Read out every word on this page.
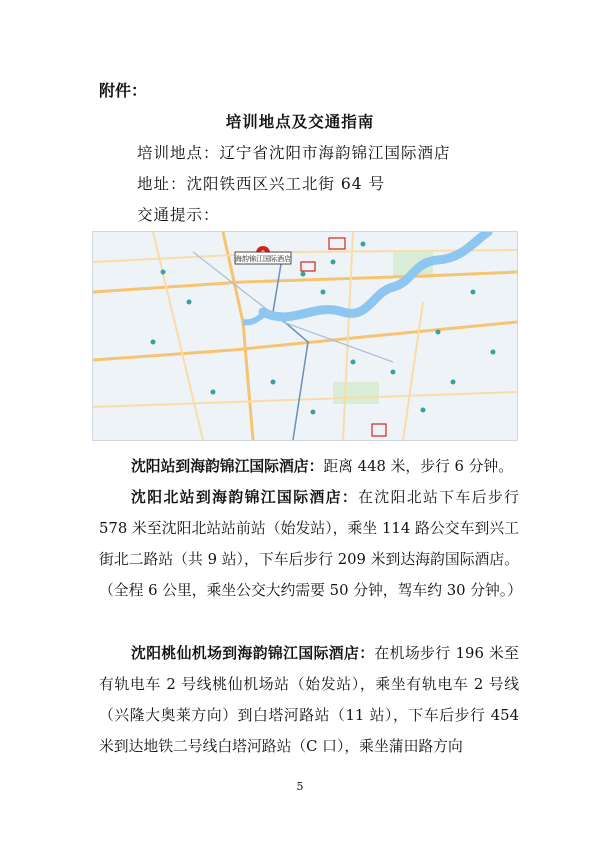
附件：
培训地点及交通指南
培训地点：辽宁省沈阳市海韵锦江国际酒店
地址：沈阳铁西区兴工北街 64 号
交通提示：
海韵锦江国际酒店
沈阳站到海韵锦江国际酒店：距离 448 米，步行 6 分钟。
沈阳北站到海韵锦江国际酒店：在沈阳北站下车后步行 578 米至沈阳北站站前站（始发站），乘坐 114 路公交车到兴工街北二路站（共 9 站），下车后步行 209 米到达海韵国际酒店。（全程 6 公里，乘坐公交大约需要 50 分钟，驾车约 30 分钟。）
沈阳桃仙机场到海韵锦江国际酒店：在机场步行 196 米至有轨电车 2 号线桃仙机场站（始发站），乘坐有轨电车 2 号线（兴隆大奥莱方向）到白塔河路站（11 站），下车后步行 454 米到达地铁二号线白塔河路站（C 口），乘坐蒲田路方向
5
